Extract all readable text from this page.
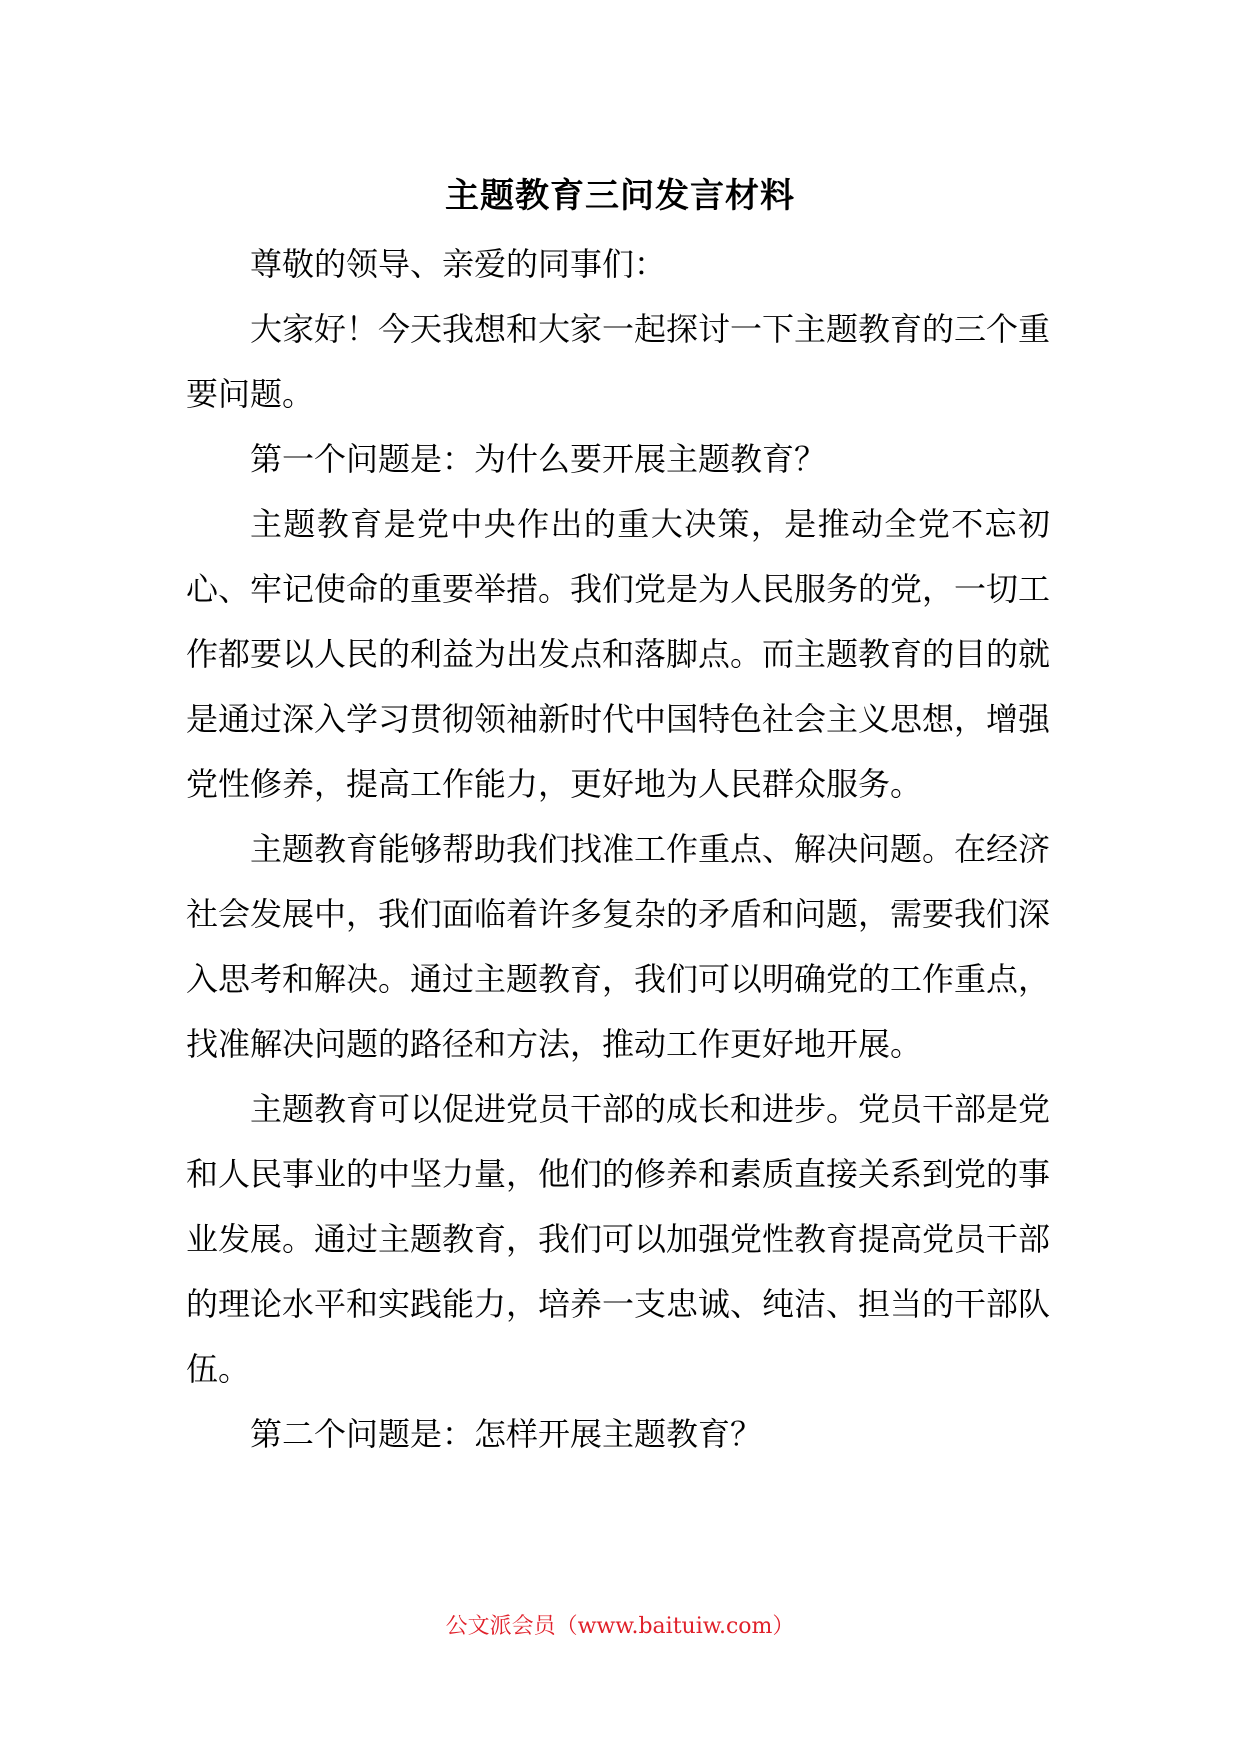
主题教育三问发言材料

尊敬的领导、亲爱的同事们：

大家好！今天我想和大家一起探讨一下主题教育的三个重要问题。

第一个问题是：为什么要开展主题教育？

主题教育是党中央作出的重大决策，是推动全党不忘初心、牢记使命的重要举措。我们党是为人民服务的党，一切工作都要以人民的利益为出发点和落脚点。而主题教育的目的就是通过深入学习贯彻领袖新时代中国特色社会主义思想，增强党性修养，提高工作能力，更好地为人民群众服务。

主题教育能够帮助我们找准工作重点、解决问题。在经济社会发展中，我们面临着许多复杂的矛盾和问题，需要我们深入思考和解决。通过主题教育，我们可以明确党的工作重点，找准解决问题的路径和方法，推动工作更好地开展。

主题教育可以促进党员干部的成长和进步。党员干部是党和人民事业的中坚力量，他们的修养和素质直接关系到党的事业发展。通过主题教育，我们可以加强党性教育提高党员干部的理论水平和实践能力，培养一支忠诚、纯洁、担当的干部队伍。

第二个问题是：怎样开展主题教育？

公文派会员（www.baituiw.com）
